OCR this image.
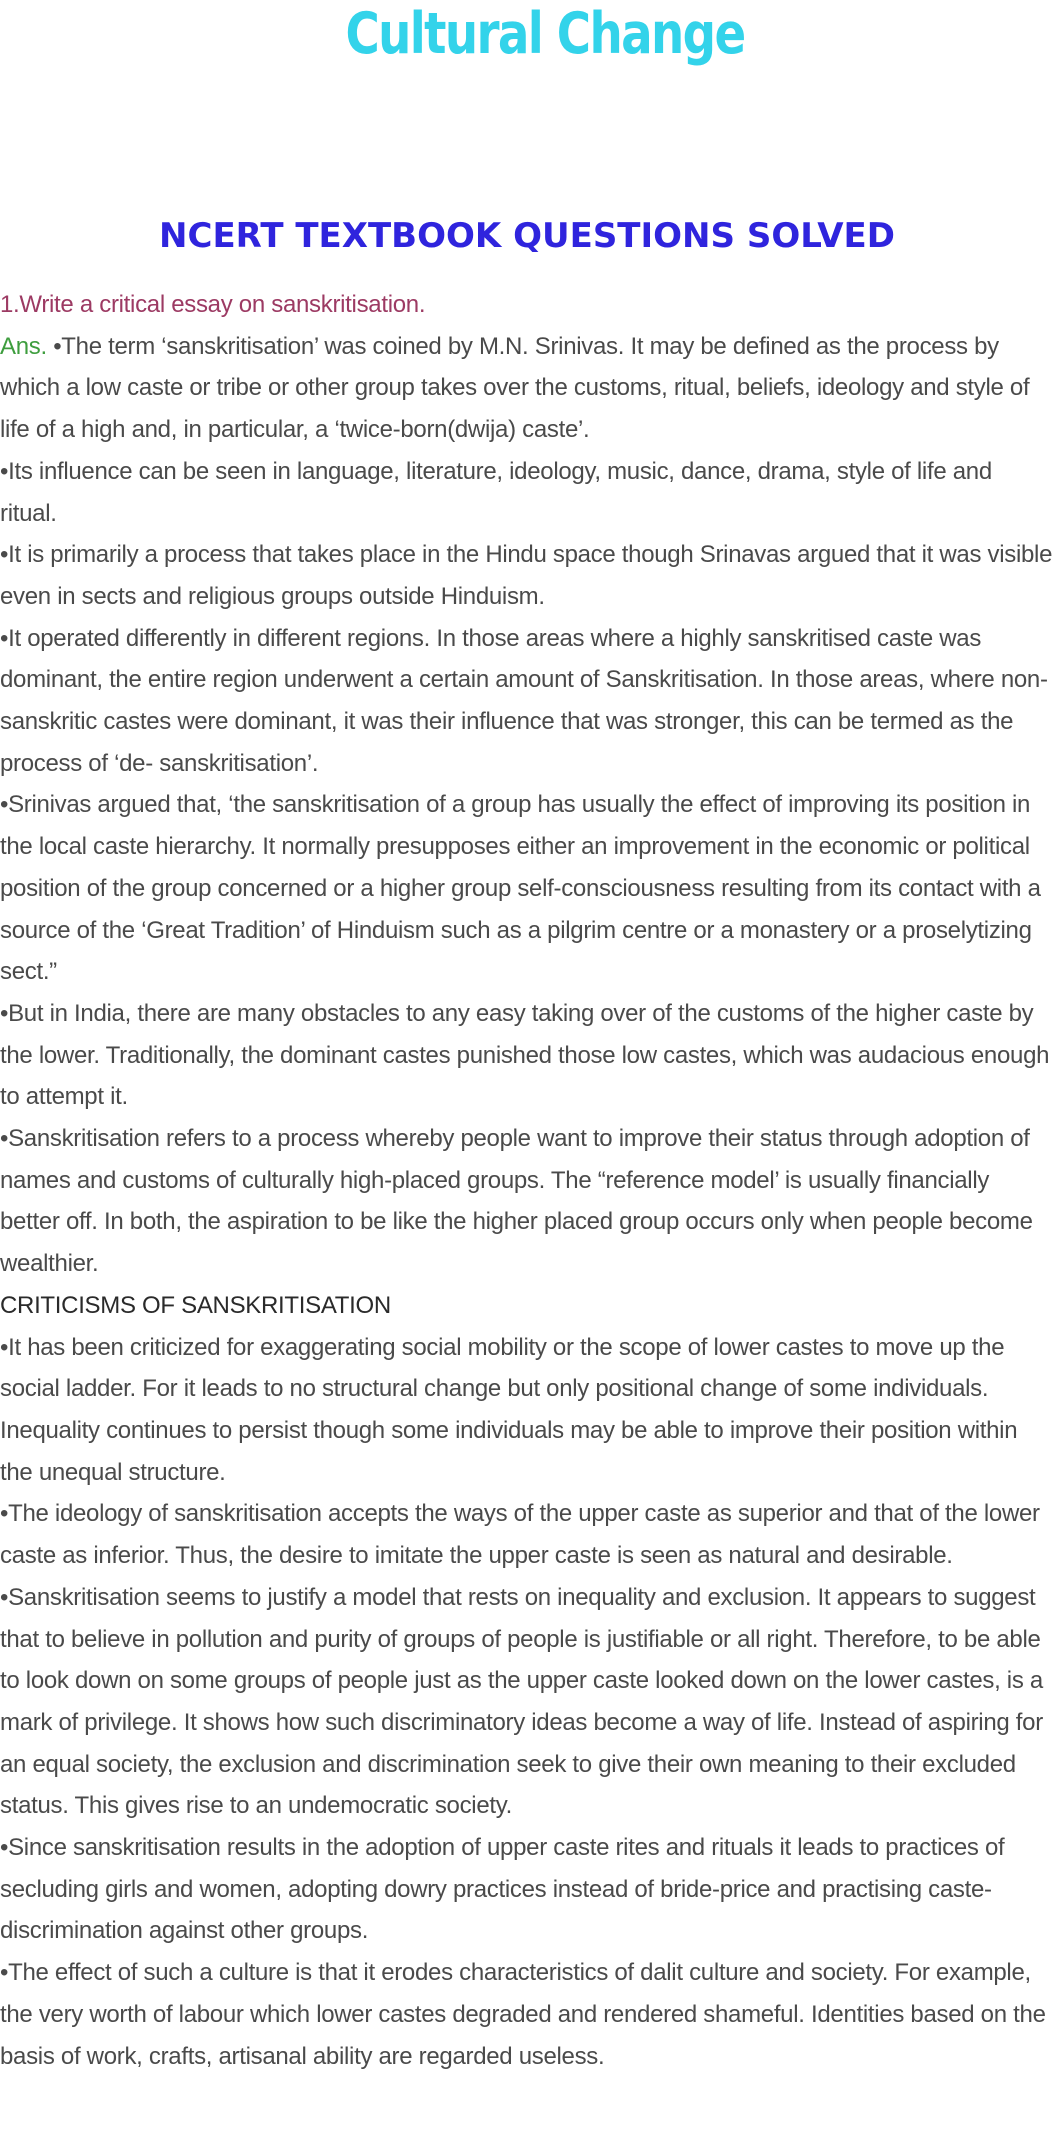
Cultural Change
NCERT TEXTBOOK QUESTIONS SOLVED

1.Write a critical essay on sanskritisation.

Ans. •The term ‘sanskritisation’ was coined by M.N. Srinivas. It may be defined as the process by which a low caste or tribe or other group takes over the customs, ritual, beliefs, ideology and style of life of a high and, in particular, a ‘twice-born(dwija) caste’.

•Its influence can be seen in language, literature, ideology, music, dance, drama, style of life and ritual.

•It is primarily a process that takes place in the Hindu space though Srinavas argued that it was visible even in sects and religious groups outside Hinduism.

•It operated differently in different regions. In those areas where a highly sanskritised caste was dominant, the entire region underwent a certain amount of Sanskritisation. In those areas, where non-sanskritic castes were dominant, it was their influence that was stronger, this can be termed as the process of ‘de- sanskritisation’.

•Srinivas argued that, ‘the sanskritisation of a group has usually the effect of improving its position in the local caste hierarchy. It normally presupposes either an improvement in the economic or political position of the group concerned or a higher group self-consciousness resulting from its contact with a source of the ‘Great Tradition’ of Hinduism such as a pilgrim centre or a monastery or a proselytizing sect.”

•But in India, there are many obstacles to any easy taking over of the customs of the higher caste by the lower. Traditionally, the dominant castes punished those low castes, which was audacious enough to attempt it.

•Sanskritisation refers to a process whereby people want to improve their status through adoption of names and customs of culturally high-placed groups. The “reference model’ is usually financially better off. In both, the aspiration to be like the higher placed group occurs only when people become wealthier.

CRITICISMS OF SANSKRITISATION

•It has been criticized for exaggerating social mobility or the scope of lower castes to move up the social ladder. For it leads to no structural change but only positional change of some individuals. Inequality continues to persist though some individuals may be able to improve their position within the unequal structure.

•The ideology of sanskritisation accepts the ways of the upper caste as superior and that of the lower caste as inferior. Thus, the desire to imitate the upper caste is seen as natural and desirable.

•Sanskritisation seems to justify a model that rests on inequality and exclusion. It appears to suggest that to believe in pollution and purity of groups of people is justifiable or all right. Therefore, to be able to look down on some groups of people just as the upper caste looked down on the lower castes, is a mark of privilege. It shows how such discriminatory ideas become a way of life. Instead of aspiring for an equal society, the exclusion and discrimination seek to give their own meaning to their excluded status. This gives rise to an undemocratic society.

•Since sanskritisation results in the adoption of upper caste rites and rituals it leads to practices of secluding girls and women, adopting dowry practices instead of bride-price and practising caste-discrimination against other groups.

•The effect of such a culture is that it erodes characteristics of dalit culture and society. For example, the very worth of labour which lower castes degraded and rendered shameful. Identities based on the basis of work, crafts, artisanal ability are regarded useless.
